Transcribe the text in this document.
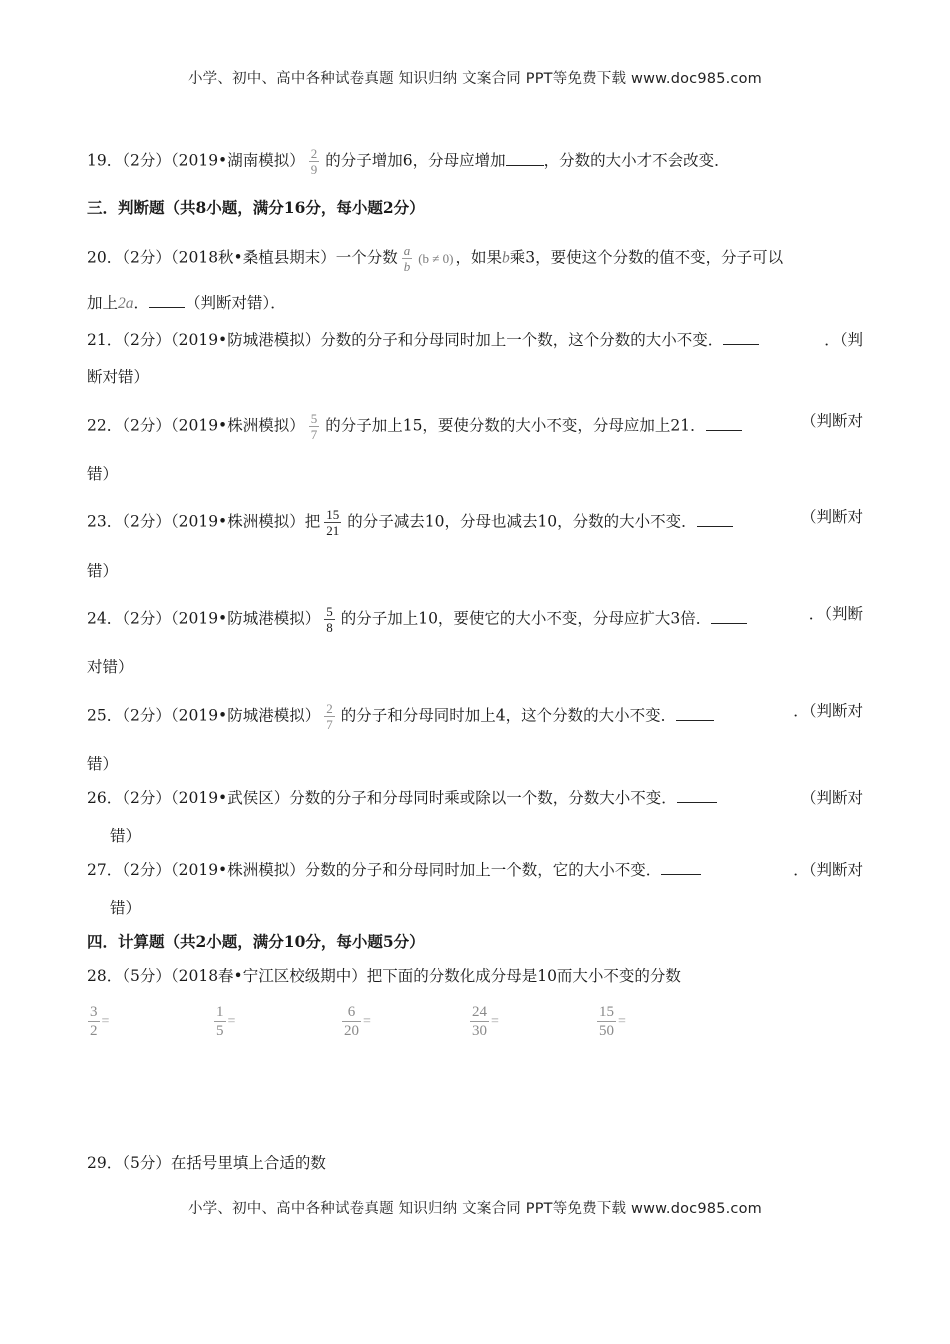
小学、初中、高中各种试卷真题 知识归纳 文案合同 PPT等免费下载 www.doc985.com
19．（2分）（2019•湖南模拟） $\frac{2}{9}$ 的分子增加6，分母应增加 ，分数的大小才不会改变．
三．判断题（共8小题，满分16分，每小题2分）
20．（2分）（2018秋•桑植县期末）一个分数 $\frac{a}{b} (b \ne 0)$ ，如果b乘3，要使这个分数的值不变，分子可以
加上2a． （判断对错）．
21．（2分）（2019•防城港模拟）分数的分子和分母同时加上一个数，这个分数的大小不变．	．（判
断对错）
22．（2分）（2019•株洲模拟） $\frac{5}{7}$ 的分子加上15，要使分数的大小不变，分母应加上21．	（判断对
错）
23．（2分）（2019•株洲模拟）把 $\frac{15}{21}$ 的分子减去10，分母也减去10，分数的大小不变．	（判断对
错）
24．（2分）（2019•防城港模拟） $\frac{5}{8}$ 的分子加上10，要使它的大小不变，分母应扩大3倍．	．（判断
对错）
25．（2分）（2019•防城港模拟） $\frac{2}{7}$ 的分子和分母同时加上4，这个分数的大小不变．	．（判断对
错）
26．（2分）（2019•武侯区）分数的分子和分母同时乘或除以一个数，分数大小不变．	（判断对
错）
27．（2分）（2019•株洲模拟）分数的分子和分母同时加上一个数，它的大小不变．	．（判断对
错）
四．计算题（共2小题，满分10分，每小题5分）
28．（5分）（2018春•宁江区校级期中）把下面的分数化成分母是10而大小不变的分数
$\frac{3}{2}$ =	$\frac{1}{5}$ =	$\frac{6}{20}$ =	$\frac{24}{30}$ =	$\frac{15}{50}$ =
29．（5分）在括号里填上合适的数
小学、初中、高中各种试卷真题 知识归纳 文案合同 PPT等免费下载 www.doc985.com
